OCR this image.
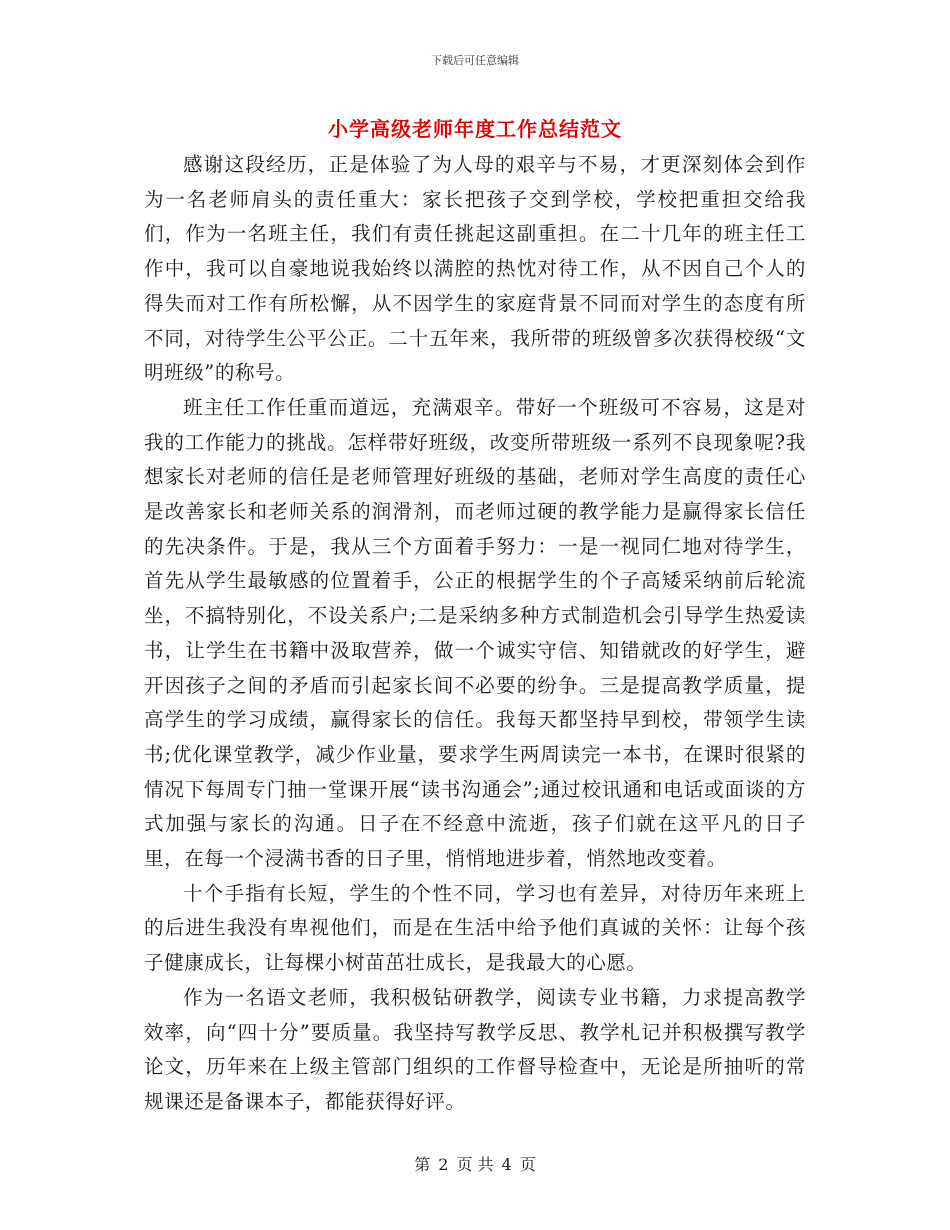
下载后可任意编辑
小学高级老师年度工作总结范文

感谢这段经历，正是体验了为人母的艰辛与不易，才更深刻体会到作为一名老师肩头的责任重大：家长把孩子交到学校，学校把重担交给我们，作为一名班主任，我们有责任挑起这副重担。在二十几年的班主任工作中，我可以自豪地说我始终以满腔的热忱对待工作，从不因自己个人的得失而对工作有所松懈，从不因学生的家庭背景不同而对学生的态度有所不同，对待学生公平公正。二十五年来，我所带的班级曾多次获得校级“文明班级”的称号。

班主任工作任重而道远，充满艰辛。带好一个班级可不容易，这是对我的工作能力的挑战。怎样带好班级，改变所带班级一系列不良现象呢?我想家长对老师的信任是老师管理好班级的基础，老师对学生高度的责任心是改善家长和老师关系的润滑剂，而老师过硬的教学能力是赢得家长信任的先决条件。于是，我从三个方面着手努力：一是一视同仁地对待学生，首先从学生最敏感的位置着手，公正的根据学生的个子高矮采纳前后轮流坐，不搞特别化，不设关系户;二是采纳多种方式制造机会引导学生热爱读书，让学生在书籍中汲取营养，做一个诚实守信、知错就改的好学生，避开因孩子之间的矛盾而引起家长间不必要的纷争。三是提高教学质量，提高学生的学习成绩，赢得家长的信任。我每天都坚持早到校，带领学生读书;优化课堂教学，减少作业量，要求学生两周读完一本书，在课时很紧的情况下每周专门抽一堂课开展“读书沟通会”;通过校讯通和电话或面谈的方式加强与家长的沟通。日子在不经意中流逝，孩子们就在这平凡的日子里，在每一个浸满书香的日子里，悄悄地进步着，悄然地改变着。

十个手指有长短，学生的个性不同，学习也有差异，对待历年来班上的后进生我没有卑视他们，而是在生活中给予他们真诚的关怀：让每个孩子健康成长，让每棵小树苗茁壮成长，是我最大的心愿。

作为一名语文老师，我积极钻研教学，阅读专业书籍，力求提高教学效率，向“四十分”要质量。我坚持写教学反思、教学札记并积极撰写教学论文，历年来在上级主管部门组织的工作督导检查中，无论是所抽听的常规课还是备课本子，都能获得好评。

第 2 页 共 4 页
